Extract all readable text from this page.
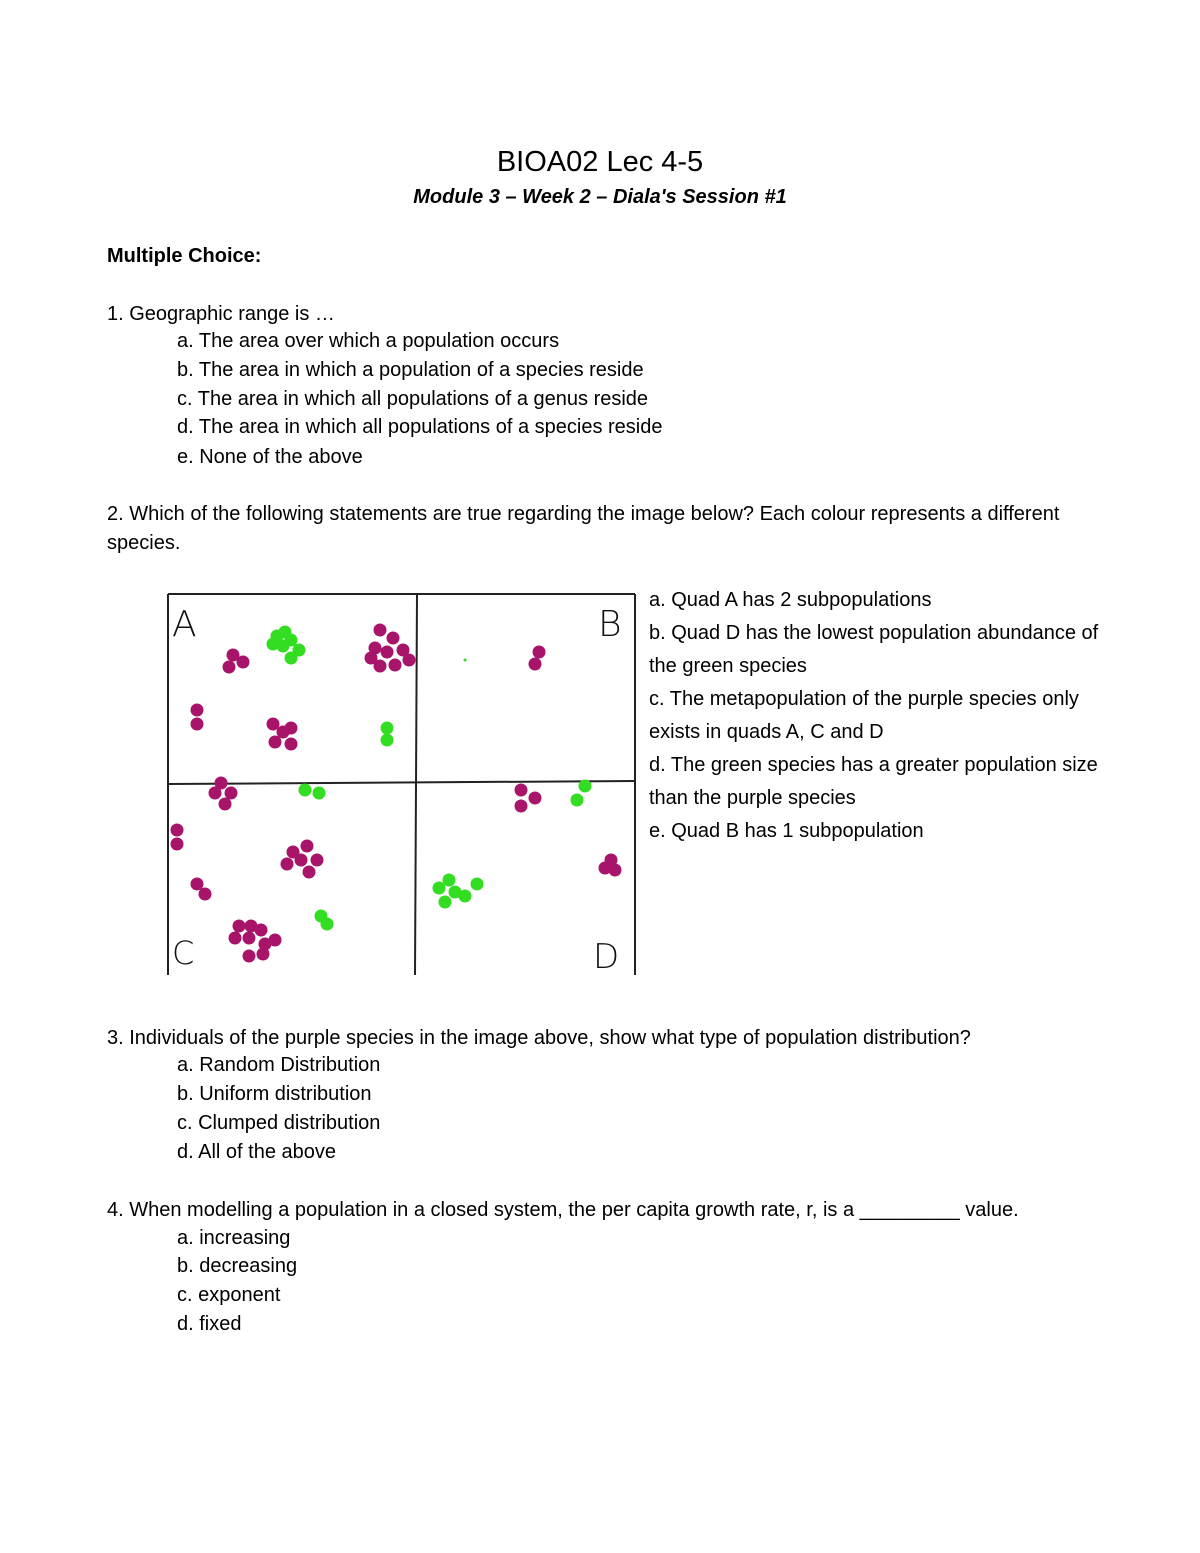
BIOA02 Lec 4-5
Module 3 – Week 2 – Diala's Session #1
Multiple Choice:
1. Geographic range is …
a. The area over which a population occurs
b. The area in which a population of a species reside
c. The area in which all populations of a genus reside
d. The area in which all populations of a species reside
e. None of the above
2. Which of the following statements are true regarding the image below? Each colour represents a different species.
A	B
C	D
a. Quad A has 2 subpopulations
b. Quad D has the lowest population abundance of the green species
c. The metapopulation of the purple species only exists in quads A, C and D
d. The green species has a greater population size than the purple species
e. Quad B has 1 subpopulation
3. Individuals of the purple species in the image above, show what type of population distribution?
a. Random Distribution
b. Uniform distribution
c. Clumped distribution
d. All of the above
4. When modelling a population in a closed system, the per capita growth rate, r, is a _________ value.
a. increasing
b. decreasing
c. exponent
d. fixed
